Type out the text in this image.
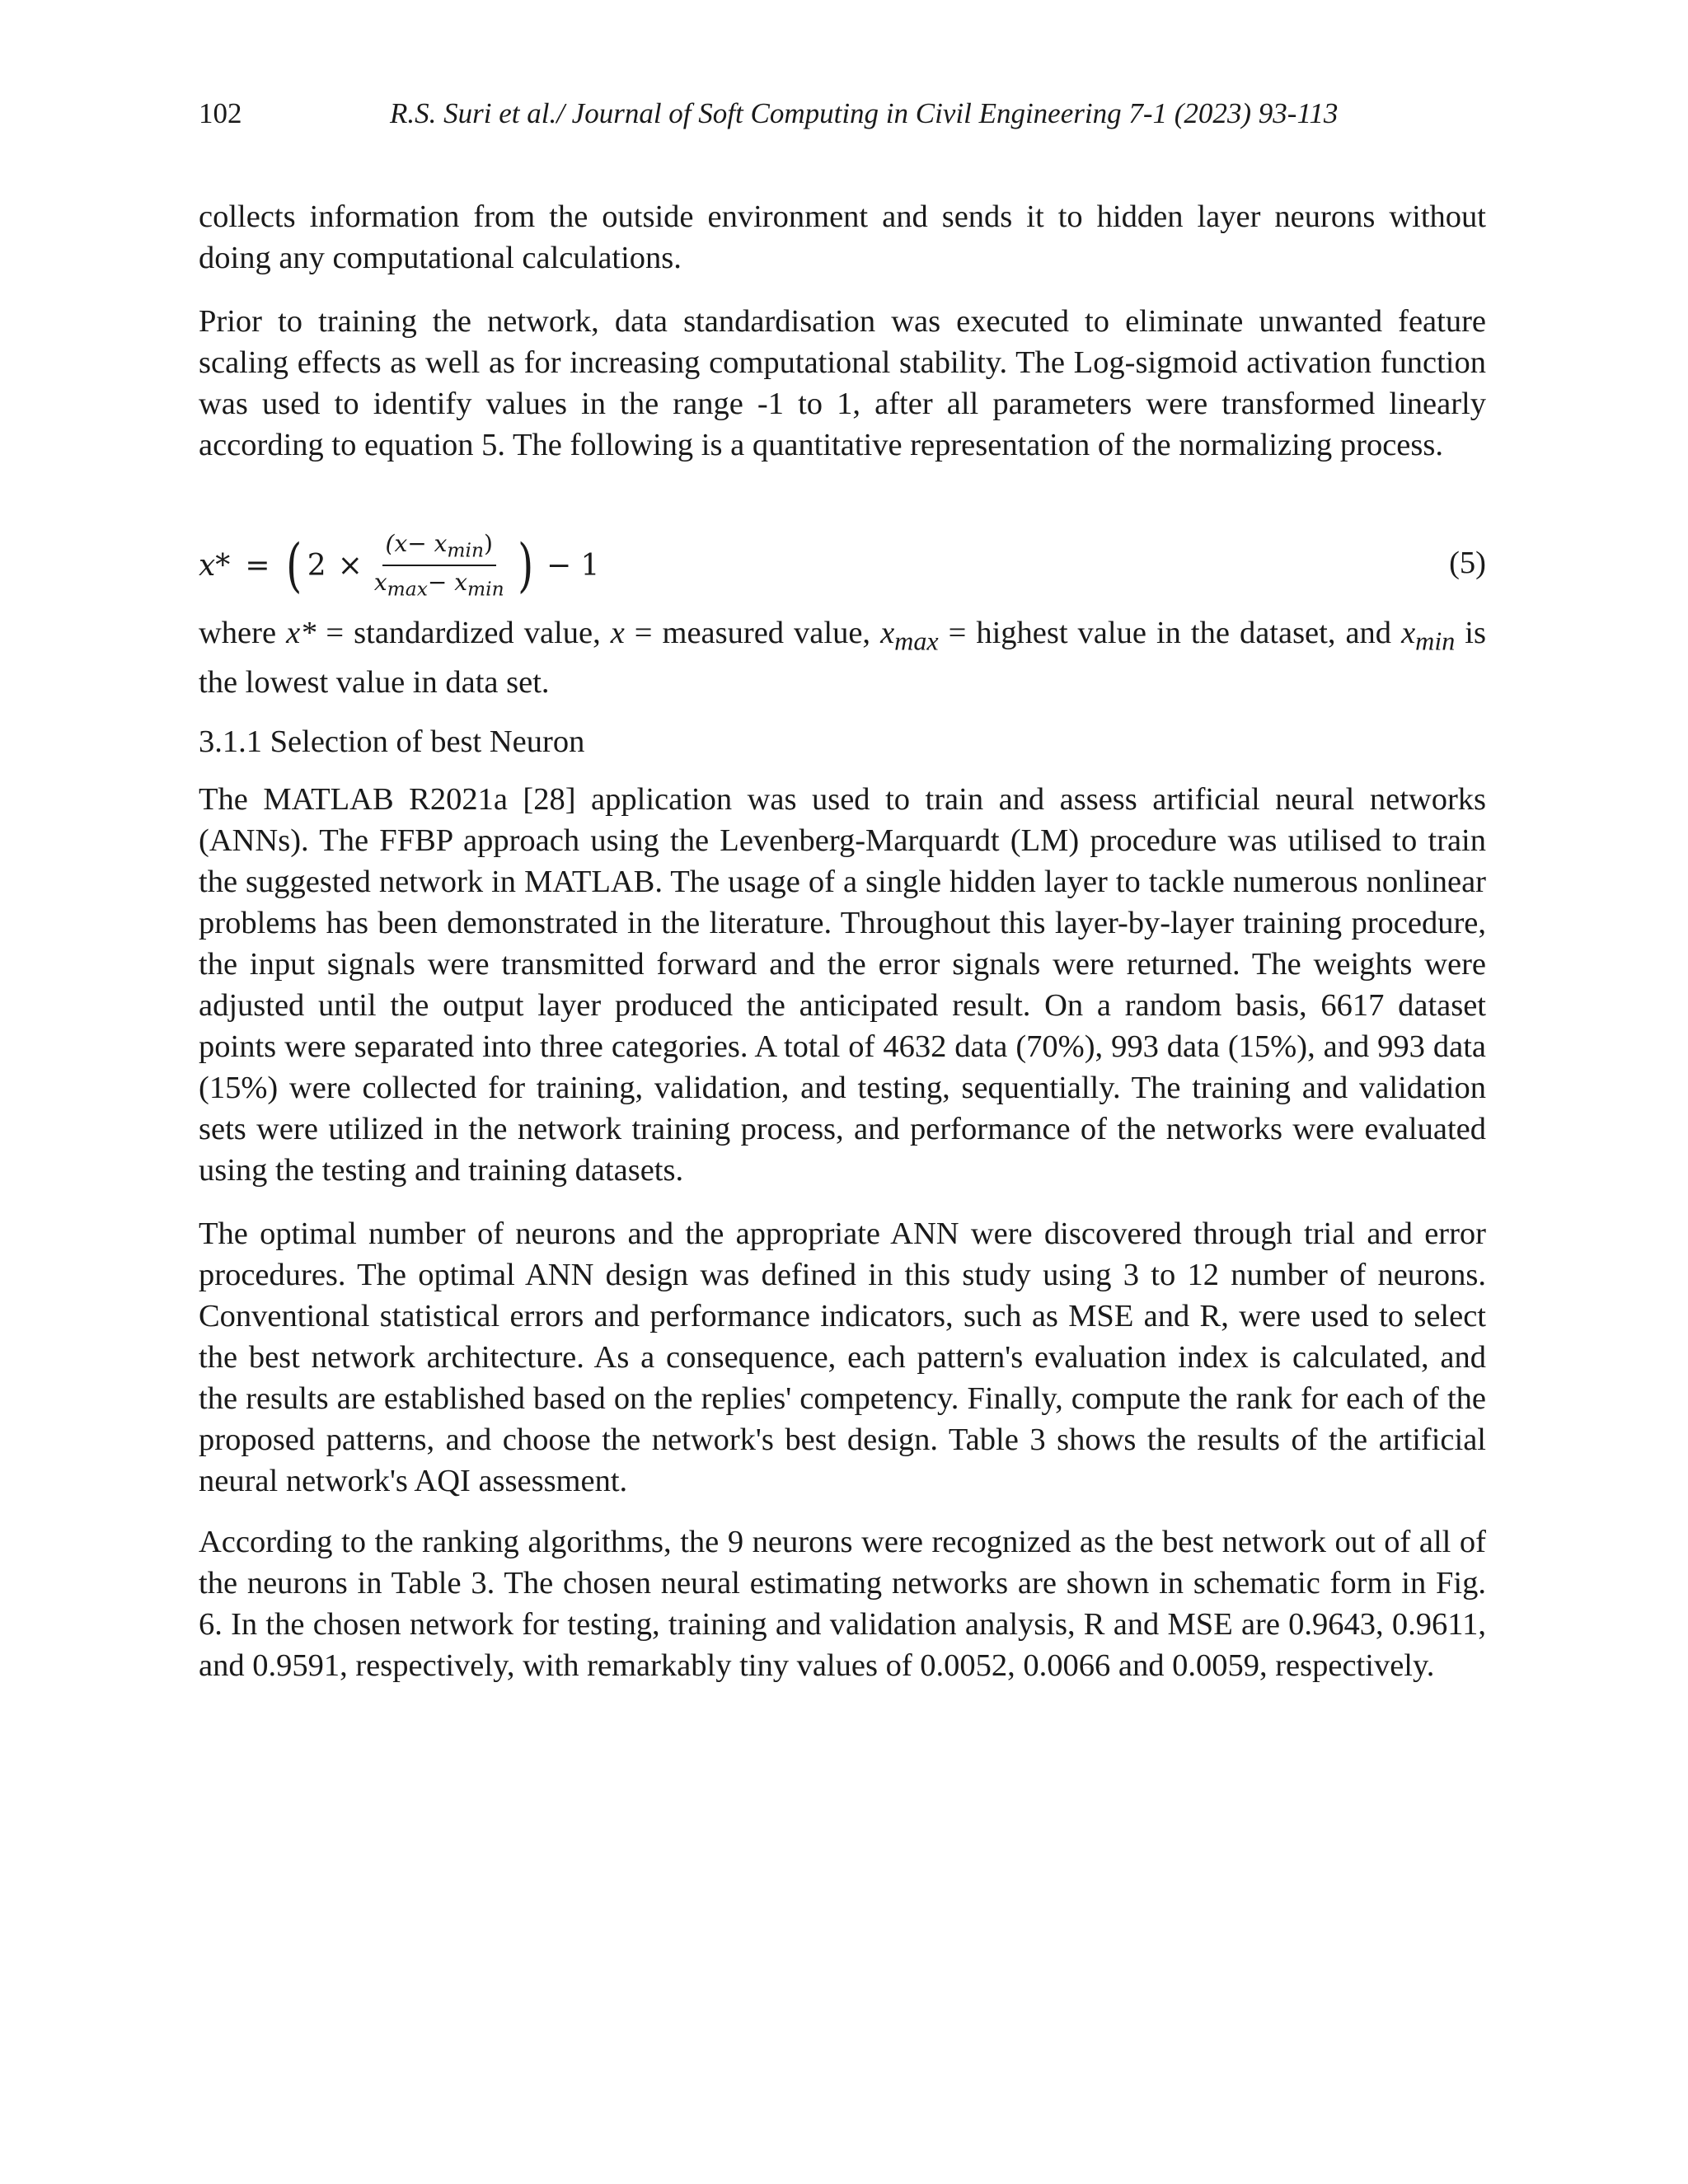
102	R.S. Suri et al./ Journal of Soft Computing in Civil Engineering 7-1 (2023) 93-113

collects information from the outside environment and sends it to hidden layer neurons without doing any computational calculations.

Prior to training the network, data standardisation was executed to eliminate unwanted feature scaling effects as well as for increasing computational stability. The Log-sigmoid activation function was used to identify values in the range -1 to 1, after all parameters were transformed linearly according to equation 5. The following is a quantitative representation of the normalizing process.

x* = ( $2 \times \frac{(x- x_{min})}{x_{max}- x_{min}}$ ) − 1	(5)

where x* = standardized value, x = measured value, $x_{max}$ = highest value in the dataset, and $x_{min}$ is the lowest value in data set.

3.1.1 Selection of best Neuron

The MATLAB R2021a [28] application was used to train and assess artificial neural networks (ANNs). The FFBP approach using the Levenberg-Marquardt (LM) procedure was utilised to train the suggested network in MATLAB. The usage of a single hidden layer to tackle numerous nonlinear problems has been demonstrated in the literature. Throughout this layer-by-layer training procedure, the input signals were transmitted forward and the error signals were returned. The weights were adjusted until the output layer produced the anticipated result. On a random basis, 6617 dataset points were separated into three categories. A total of 4632 data (70%), 993 data (15%), and 993 data (15%) were collected for training, validation, and testing, sequentially. The training and validation sets were utilized in the network training process, and performance of the networks were evaluated using the testing and training datasets.

The optimal number of neurons and the appropriate ANN were discovered through trial and error procedures. The optimal ANN design was defined in this study using 3 to 12 number of neurons. Conventional statistical errors and performance indicators, such as MSE and R, were used to select the best network architecture. As a consequence, each pattern's evaluation index is calculated, and the results are established based on the replies' competency. Finally, compute the rank for each of the proposed patterns, and choose the network's best design. Table 3 shows the results of the artificial neural network's AQI assessment.

According to the ranking algorithms, the 9 neurons were recognized as the best network out of all of the neurons in Table 3. The chosen neural estimating networks are shown in schematic form in Fig. 6. In the chosen network for testing, training and validation analysis, R and MSE are 0.9643, 0.9611, and 0.9591, respectively, with remarkably tiny values of 0.0052, 0.0066 and 0.0059, respectively.
